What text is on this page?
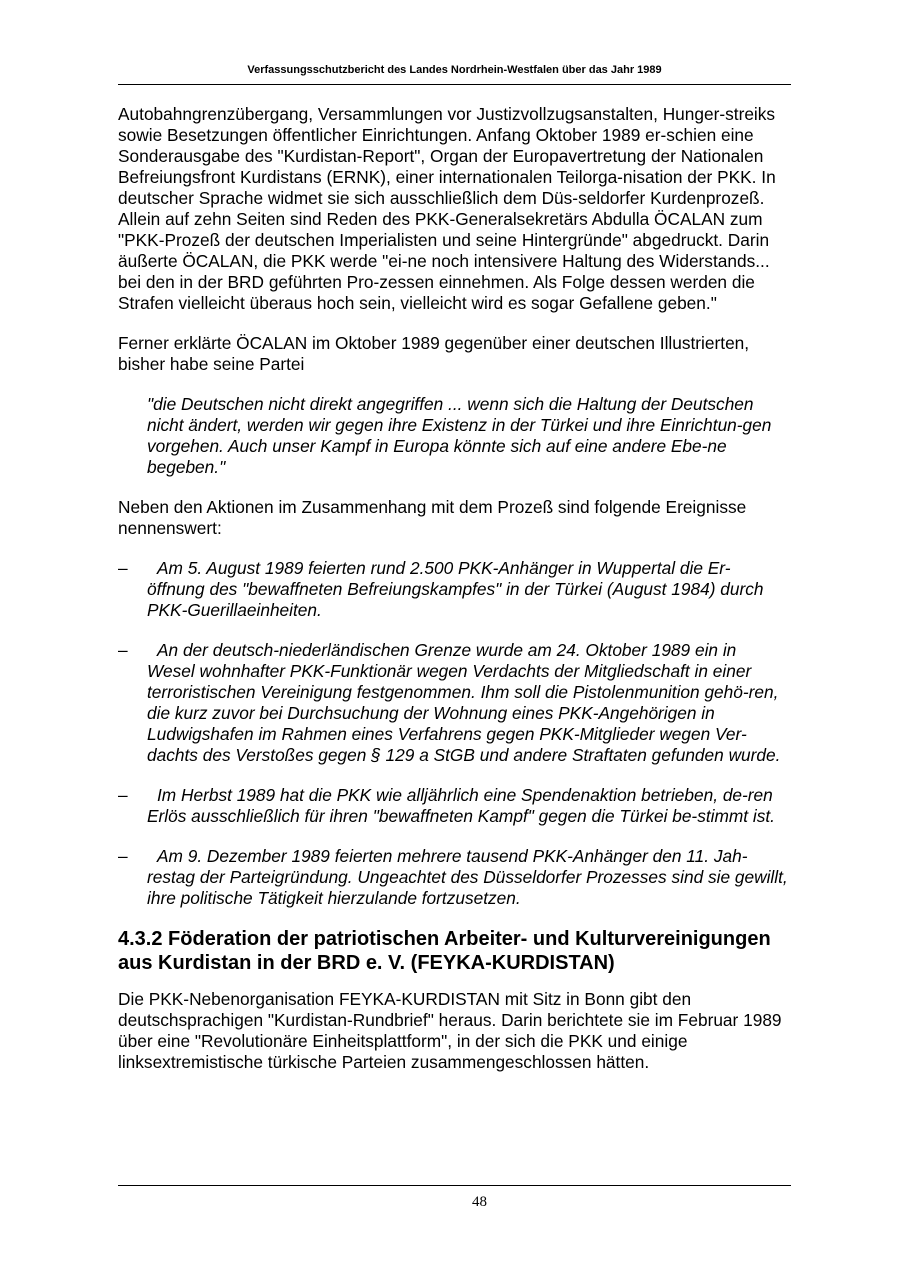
Verfassungsschutzbericht des Landes Nordrhein-Westfalen über das Jahr 1989

Autobahngrenzübergang, Versammlungen vor Justizvollzugsanstalten, Hunger-streiks sowie Besetzungen öffentlicher Einrichtungen. Anfang Oktober 1989 er-schien eine Sonderausgabe des "Kurdistan-Report", Organ der Europavertretung der Nationalen Befreiungsfront Kurdistans (ERNK), einer internationalen Teilorga-nisation der PKK. In deutscher Sprache widmet sie sich ausschließlich dem Düs-seldorfer Kurdenprozeß. Allein auf zehn Seiten sind Reden des PKK-Generalsekretärs Abdulla ÖCALAN zum "PKK-Prozeß der deutschen Imperialisten und seine Hintergründe" abgedruckt. Darin äußerte ÖCALAN, die PKK werde "ei-ne noch intensivere Haltung des Widerstands... bei den in der BRD geführten Pro-zessen einnehmen. Als Folge dessen werden die Strafen vielleicht überaus hoch sein, vielleicht wird es sogar Gefallene geben."

Ferner erklärte ÖCALAN im Oktober 1989 gegenüber einer deutschen Illustrierten, bisher habe seine Partei

"die Deutschen nicht direkt angegriffen ... wenn sich die Haltung der Deutschen nicht ändert, werden wir gegen ihre Existenz in der Türkei und ihre Einrichtun-gen vorgehen. Auch unser Kampf in Europa könnte sich auf eine andere Ebe-ne begeben."

Neben den Aktionen im Zusammenhang mit dem Prozeß sind folgende Ereignisse nennenswert:

– Am 5. August 1989 feierten rund 2.500 PKK-Anhänger in Wuppertal die Er-öffnung des "bewaffneten Befreiungskampfes" in der Türkei (August 1984) durch PKK-Guerillaeinheiten.
– An der deutsch-niederländischen Grenze wurde am 24. Oktober 1989 ein in Wesel wohnhafter PKK-Funktionär wegen Verdachts der Mitgliedschaft in einer terroristischen Vereinigung festgenommen. Ihm soll die Pistolenmunition gehö-ren, die kurz zuvor bei Durchsuchung der Wohnung eines PKK-Angehörigen in Ludwigshafen im Rahmen eines Verfahrens gegen PKK-Mitglieder wegen Ver-dachts des Verstoßes gegen § 129 a StGB und andere Straftaten gefunden wurde.
– Im Herbst 1989 hat die PKK wie alljährlich eine Spendenaktion betrieben, de-ren Erlös ausschließlich für ihren "bewaffneten Kampf" gegen die Türkei be-stimmt ist.
– Am 9. Dezember 1989 feierten mehrere tausend PKK-Anhänger den 11. Jah-restag der Parteigründung. Ungeachtet des Düsseldorfer Prozesses sind sie gewillt, ihre politische Tätigkeit hierzulande fortzusetzen.
4.3.2 Föderation der patriotischen Arbeiter- und Kulturvereinigungen aus Kurdistan in der BRD e. V. (FEYKA-KURDISTAN)

Die PKK-Nebenorganisation FEYKA-KURDISTAN mit Sitz in Bonn gibt den deutschsprachigen "Kurdistan-Rundbrief" heraus. Darin berichtete sie im Februar 1989 über eine "Revolutionäre Einheitsplattform", in der sich die PKK und einige linksextremistische türkische Parteien zusammengeschlossen hätten.

48
